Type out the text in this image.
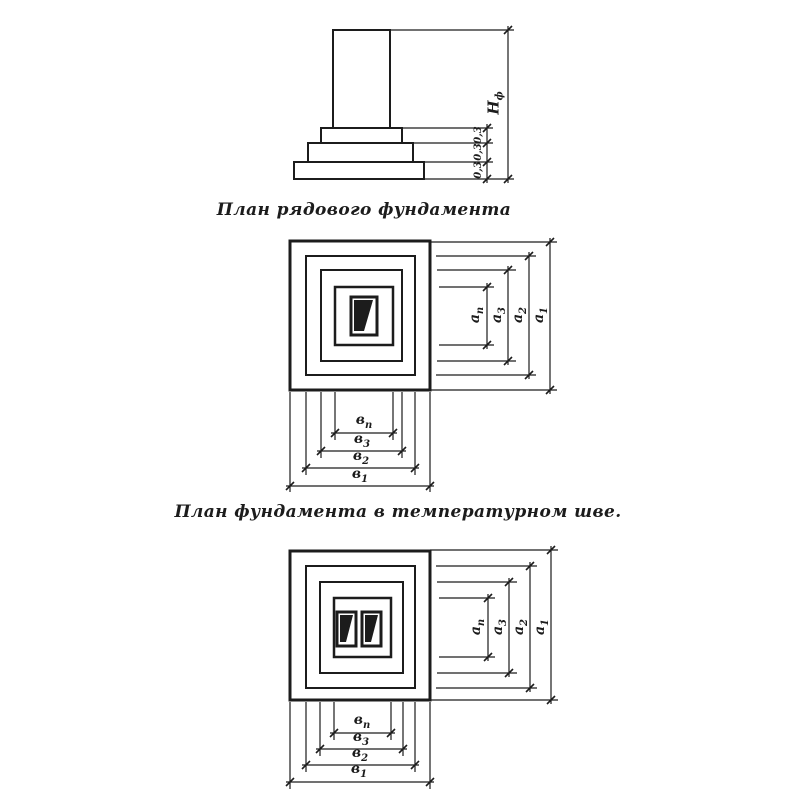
$Н_ф$
0,3
0,3
0,3
План рядового фундамента
План фундамента в температурном шве.
$а_п$
$а_3$
$а_2$
$а_1$
$в_п$
$в_3$
$в_2$
$в_1$
$а_п$
$а_3$
$а_2$
$а_1$
$в_п$
$в_3$
$в_2$
$в_1$
